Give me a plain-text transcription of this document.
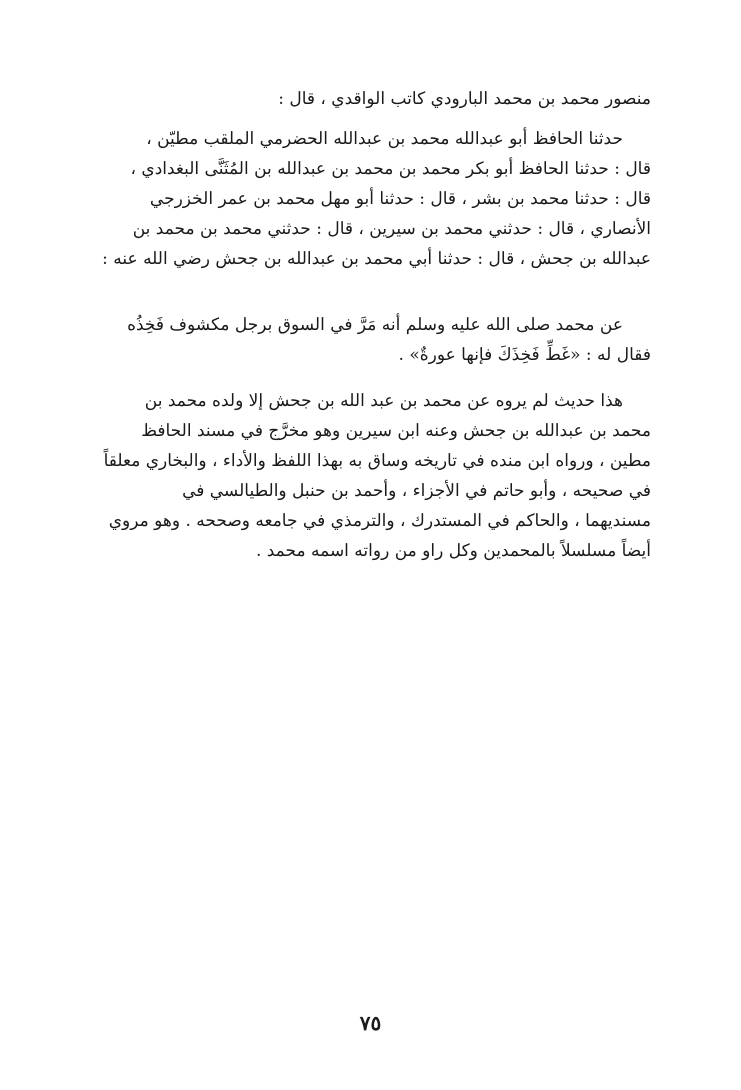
منصور محمد بن محمد البارودي كاتب الواقدي ، قال :
حدثنا الحافظ أبو عبدالله محمد بن عبدالله الحضرمي الملقب مطيّن ،
قال : حدثنا الحافظ أبو بكر محمد بن محمد بن عبدالله بن المُثَنَّى البغدادي ،
قال : حدثنا محمد بن بشر ، قال : حدثنا أبو مهل محمد بن عمر الخزرجي
الأنصاري ، قال : حدثني محمد بن سيرين ، قال : حدثني محمد بن محمد بن
عبدالله بن جحش ، قال : حدثنا أبي محمد بن عبدالله بن جحش رضي الله عنه :
عن محمد صلى الله عليه وسلم أنه مَرَّ في السوق برجل مكشوف فَخِذُه
فقال له : «غَطِّ فَخِذَكَ فإنها عورةٌ» .
هذا حديث لم يروه عن محمد بن عبد الله بن جحش إلا ولده محمد بن
محمد بن عبدالله بن جحش وعنه ابن سيرين وهو مخرَّج في مسند الحافظ
مطين ، ورواه ابن منده في تاريخه وساق به بهذا اللفظ والأداء ، والبخاري معلقاً
في صحيحه ، وأبو حاتم في الأجزاء ، وأحمد بن حنبل والطيالسي في
مسنديهما ، والحاكم في المستدرك ، والترمذي في جامعه وصححه . وهو مروي
أيضاً مسلسلاً بالمحمدين وكل راو من رواته اسمه محمد .
٧٥
